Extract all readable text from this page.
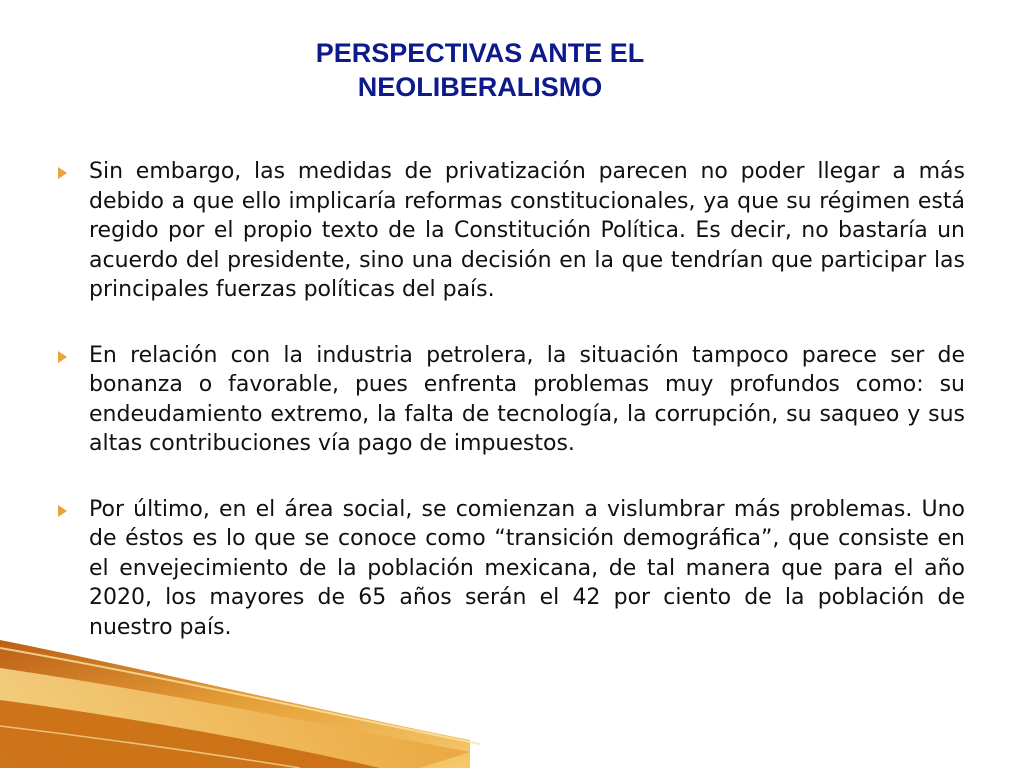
PERSPECTIVAS ANTE EL
NEOLIBERALISMO
Sin embargo, las medidas de privatización parecen no poder llegar a más debido a que ello implicaría reformas constitucionales, ya que su régimen está regido por el propio texto de la Constitución Política. Es decir, no bastaría un acuerdo del presidente, sino una decisión en la que tendrían que participar las principales fuerzas políticas del país.
En relación con la industria petrolera, la situación tampoco parece ser de bonanza o favorable, pues enfrenta problemas muy profundos como: su endeudamiento extremo, la falta de tecnología, la corrupción, su saqueo y sus altas contribuciones vía pago de impuestos.
Por último, en el área social, se comienzan a vislumbrar más problemas. Uno de éstos es lo que se conoce como “transición demográfica”, que consiste en el envejecimiento de la población mexicana, de tal manera que para el año 2020, los mayores de 65 años serán el 42 por ciento de la población de nuestro país.
